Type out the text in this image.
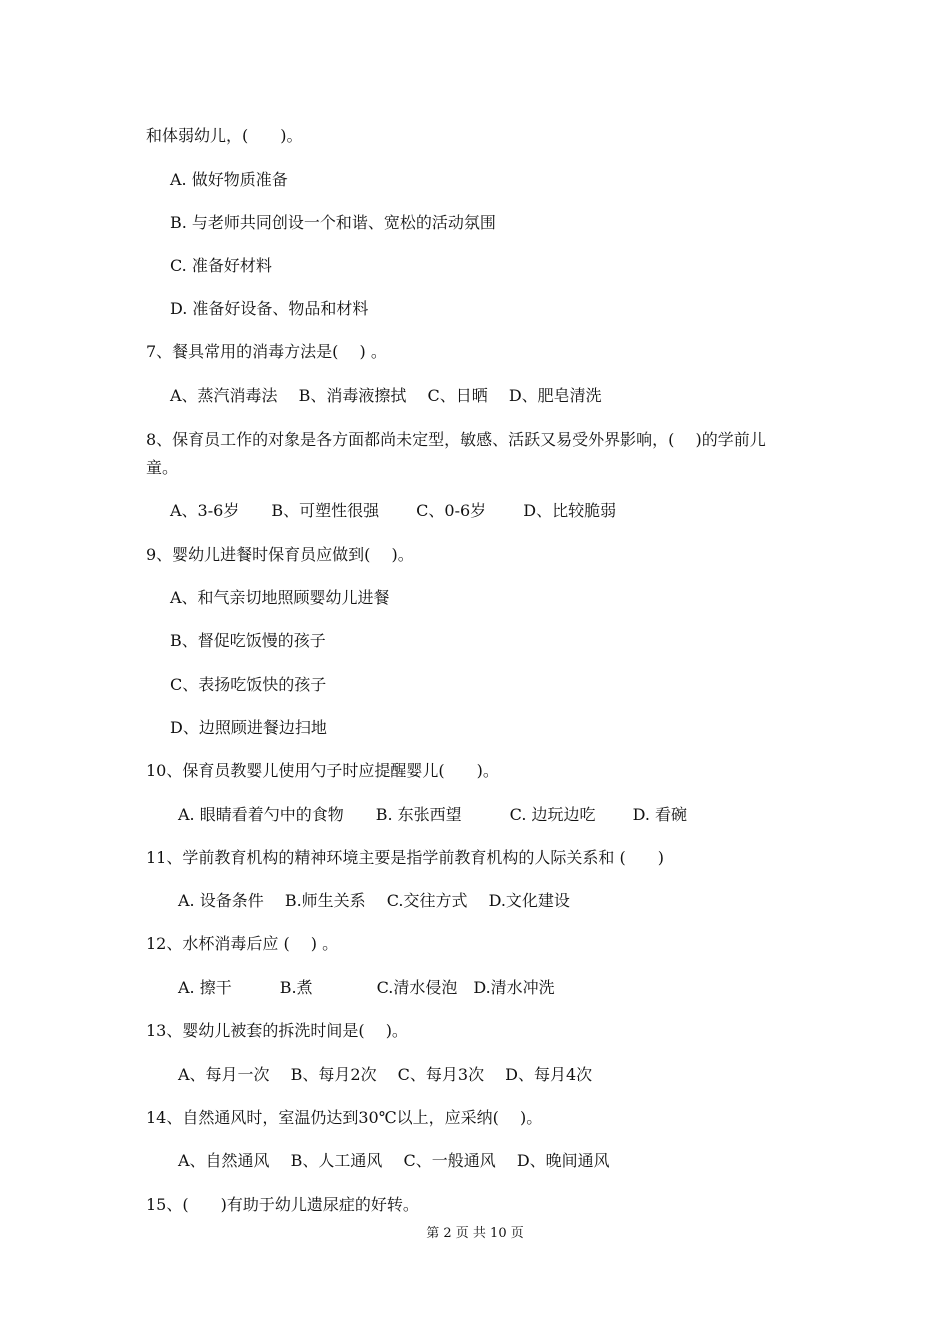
和体弱幼儿，(　　)。
A. 做好物质准备
B. 与老师共同创设一个和谐、宽松的活动氛围
C. 准备好材料
D. 准备好设备、物品和材料
7、餐具常用的消毒方法是(　 ) 。
A、蒸汽消毒法　 B、消毒液擦拭　 C、日晒　 D、肥皂清洗
8、保育员工作的对象是各方面都尚未定型，敏感、活跃又易受外界影响，(　 )的学前儿
童。
A、3-6岁　　B、可塑性很强　　 C、0-6岁　　 D、比较脆弱
9、婴幼儿进餐时保育员应做到(　 )。
A、和气亲切地照顾婴幼儿进餐
B、督促吃饭慢的孩子
C、表扬吃饭快的孩子
D、边照顾进餐边扫地
10、保育员教婴儿使用勺子时应提醒婴儿(　　)。
A. 眼睛看着勺中的食物　　B. 东张西望　　　C. 边玩边吃　　 D. 看碗
11、学前教育机构的精神环境主要是指学前教育机构的人际关系和 (　　)
A. 设备条件　 B.师生关系　 C.交往方式　 D.文化建设
12、水杯消毒后应 (　 ) 。
A. 擦干　　　B.煮　　　　C.清水侵泡　D.清水冲洗
13、婴幼儿被套的拆洗时间是(　 )。
A、每月一次　 B、每月2次　 C、每月3次　 D、每月4次
14、自然通风时，室温仍达到30℃以上，应采纳(　 )。
A、自然通风　 B、人工通风　 C、一般通风　 D、晚间通风
15、(　　)有助于幼儿遗尿症的好转。
第 2 页 共 10 页
